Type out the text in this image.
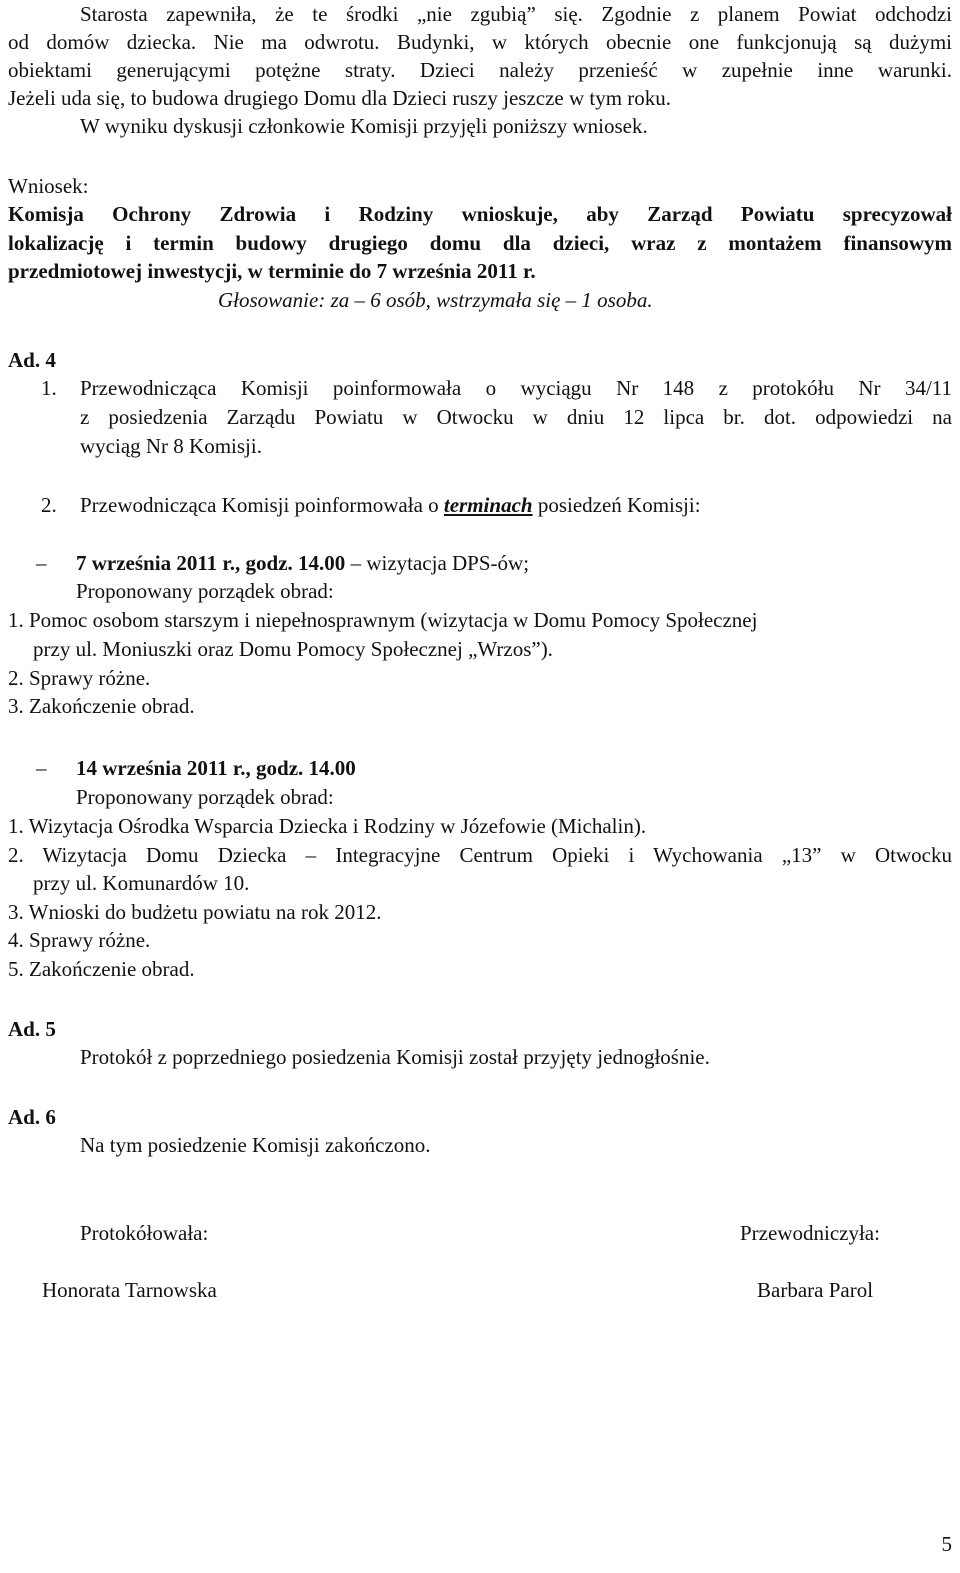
Starosta zapewniła, że te środki „nie zgubią” się. Zgodnie z planem Powiat odchodzi
od domów dziecka. Nie ma odwrotu. Budynki, w których obecnie one funkcjonują są dużymi
obiektami generującymi potężne straty. Dzieci należy przenieść w zupełnie inne warunki.
Jeżeli uda się, to budowa drugiego Domu dla Dzieci ruszy jeszcze w tym roku.
W wyniku dyskusji członkowie Komisji przyjęli poniższy wniosek.
Wniosek:
Komisja Ochrony Zdrowia i Rodziny wnioskuje, aby Zarząd Powiatu sprecyzował
lokalizację i termin budowy drugiego domu dla dzieci, wraz z montażem finansowym
przedmiotowej inwestycji, w terminie do 7 września 2011 r.
Głosowanie: za – 6 osób, wstrzymała się – 1 osoba.
Ad. 4
1. Przewodnicząca Komisji poinformowała o wyciągu Nr 148 z protokółu Nr 34/11
z posiedzenia Zarządu Powiatu w Otwocku w dniu 12 lipca br. dot. odpowiedzi na
wyciąg Nr 8 Komisji.
2. Przewodnicząca Komisji poinformowała o terminach posiedzeń Komisji:
– 7 września 2011 r., godz. 14.00 – wizytacja DPS-ów;
Proponowany porządek obrad:
1. Pomoc osobom starszym i niepełnosprawnym (wizytacja w Domu Pomocy Społecznej
przy ul. Moniuszki oraz Domu Pomocy Społecznej „Wrzos”).
2. Sprawy różne.
3. Zakończenie obrad.
– 14 września 2011 r., godz. 14.00
Proponowany porządek obrad:
1. Wizytacja Ośrodka Wsparcia Dziecka i Rodziny w Józefowie (Michalin).
2. Wizytacja Domu Dziecka – Integracyjne Centrum Opieki i Wychowania „13” w Otwocku
przy ul. Komunardów 10.
3. Wnioski do budżetu powiatu na rok 2012.
4. Sprawy różne.
5. Zakończenie obrad.
Ad. 5
Protokół z poprzedniego posiedzenia Komisji został przyjęty jednogłośnie.
Ad. 6
Na tym posiedzenie Komisji zakończono.
Protokółowała:
Honorata Tarnowska
Przewodniczyła:
Barbara Parol
5
